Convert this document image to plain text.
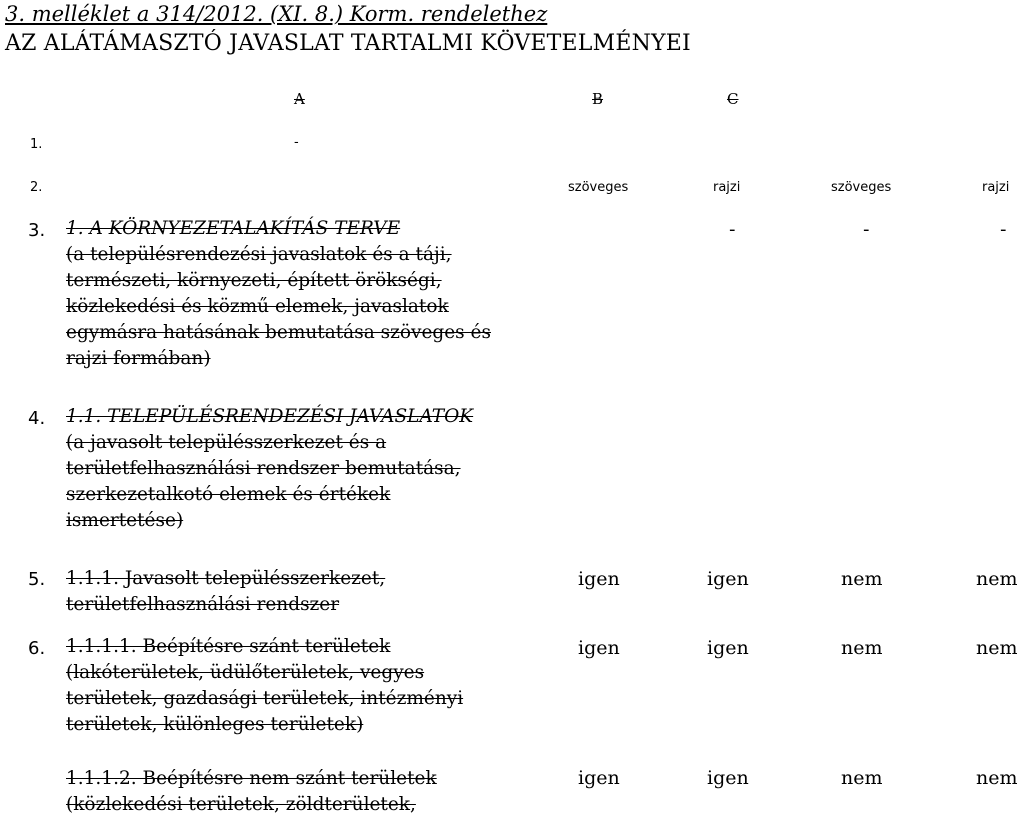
3. melléklet a 314/2012. (XI. 8.) Korm. rendelethez
AZ ALÁTÁMASZTÓ JAVASLAT TARTALMI KÖVETELMÉNYEI
A	B	C
1.	-
2.	szöveges	rajzi	szöveges	rajzi
3. 1. A KÖRNYEZETALAKÍTÁS TERVE
(a településrendezési javaslatok és a táji,
természeti, környezeti, épített örökségi,
közlekedési és közmű elemek, javaslatok
egymásra hatásának bemutatása szöveges és
rajzi formában)
-	-	-
4. 1.1. TELEPÜLÉSRENDEZÉSI JAVASLATOK
(a javasolt településszerkezet és a
területfelhasználási rendszer bemutatása,
szerkezetalkotó elemek és értékek
ismertetése)
5. 1.1.1. Javasolt településszerkezet,
területfelhasználási rendszer
igen	igen	nem	nem
6. 1.1.1.1. Beépítésre szánt területek
(lakóterületek, üdülőterületek, vegyes
területek, gazdasági területek, intézményi
területek, különleges területek)
igen	igen	nem	nem
1.1.1.2. Beépítésre nem szánt területek
(közlekedési területek, zöldterületek,
igen	igen	nem	nem
